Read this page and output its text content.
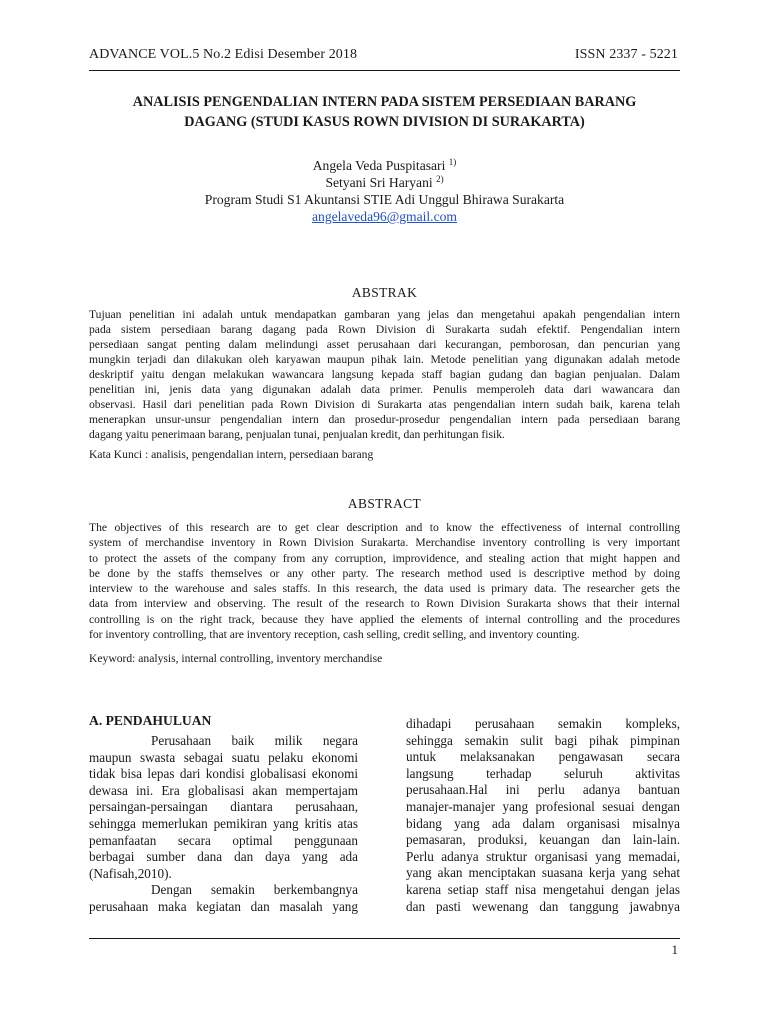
ADVANCE VOL.5 No.2 Edisi Desember 2018	ISSN 2337 - 5221
ANALISIS PENGENDALIAN INTERN PADA SISTEM PERSEDIAAN BARANG
DAGANG (STUDI KASUS ROWN DIVISION DI SURAKARTA)
Angela Veda Puspitasari $^{1)}$
Setyani Sri Haryani $^{2)}$
Program Studi S1 Akuntansi STIE Adi Unggul Bhirawa Surakarta
angelaveda96@gmail.com
ABSTRAK
Tujuan penelitian ini adalah untuk mendapatkan gambaran yang jelas dan mengetahui apakah pengendalian intern
pada sistem persediaan barang dagang pada Rown Division di Surakarta sudah efektif. Pengendalian intern
persediaan sangat penting dalam melindungi asset perusahaan dari kecurangan, pemborosan, dan pencurian yang
mungkin terjadi dan dilakukan oleh karyawan maupun pihak lain. Metode penelitian yang digunakan adalah metode
deskriptif yaitu dengan melakukan wawancara langsung kepada staff bagian gudang dan bagian penjualan. Dalam
penelitian ini, jenis data yang digunakan adalah data primer. Penulis memperoleh data dari wawancara dan
observasi. Hasil dari penelitian pada Rown Division di Surakarta atas pengendalian intern sudah baik, karena telah
menerapkan unsur-unsur pengendalian intern dan prosedur-prosedur pengendalian intern pada persediaan barang
dagang yaitu penerimaan barang, penjualan tunai, penjualan kredit, dan perhitungan fisik.
Kata Kunci : analisis, pengendalian intern, persediaan barang
ABSTRACT
The objectives of this research are to get clear description and to know the effectiveness of internal controlling
system of merchandise inventory in Rown Division Surakarta. Merchandise inventory controlling is very important
to protect the assets of the company from any corruption, improvidence, and stealing action that might happen and
be done by the staffs themselves or any other party. The research method used is descriptive method by doing
interview to the warehouse and sales staffs. In this research, the data used is primary data. The researcher gets the
data from interview and observing. The result of the research to Rown Division Surakarta shows that their internal
controlling is on the right track, because they have applied the elements of internal controlling and the procedures
for inventory controlling, that are inventory reception, cash selling, credit selling, and inventory counting.
Keyword: analysis, internal controlling, inventory merchandise
A. PENDAHULUAN
Perusahaan baik milik negara
maupun swasta sebagai suatu pelaku ekonomi
tidak bisa lepas dari kondisi globalisasi ekonomi
dewasa ini. Era globalisasi akan mempertajam
persaingan-persaingan diantara perusahaan,
sehingga memerlukan pemikiran yang kritis atas
pemanfaatan secara optimal penggunaan
berbagai sumber dana dan daya yang ada
(Nafisah,2010).
Dengan semakin berkembangnya
perusahaan maka kegiatan dan masalah yang
dihadapi perusahaan semakin kompleks,
sehingga semakin sulit bagi pihak pimpinan
untuk melaksanakan pengawasan secara
langsung terhadap seluruh aktivitas
perusahaan.Hal ini perlu adanya bantuan
manajer-manajer yang profesional sesuai dengan
bidang yang ada dalam organisasi misalnya
pemasaran, produksi, keuangan dan lain-lain.
Perlu adanya struktur organisasi yang memadai,
yang akan menciptakan suasana kerja yang sehat
karena setiap staff nisa mengetahui dengan jelas
dan pasti wewenang dan tanggung jawabnya
1
